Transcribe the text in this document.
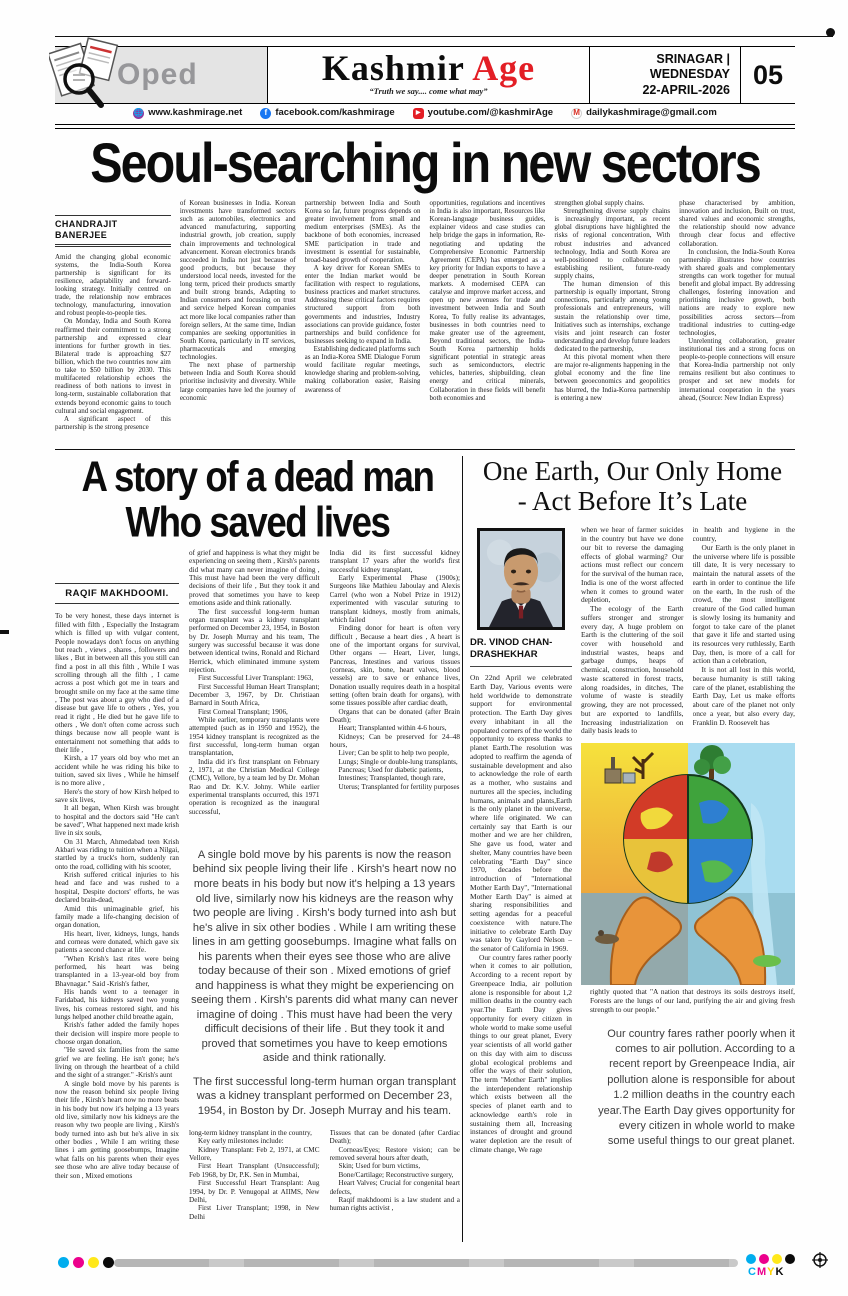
Oped	Kashmir Age
“Truth we say.... come what may”
SRINAGAR | WEDNESDAY
22-APRIL-2026
05
🌐 www.kashmirage.net	f facebook.com/kashmirage	▶ youtube.com/@kashmirAge	M dailykashmirage@gmail.com
Seoul-searching in new sectors
CHANDRAJIT BANERJEE

Amid the changing global economic systems, the India-South Korea partnership is significant for its resilience, adaptability and forward-looking strategy. Initially centred on trade, the relationship now embraces technology, manufacturing, innovation and robust people-to-people ties.

On Monday, India and South Korea reaffirmed their commitment to a strong partnership and expressed clear intentions for further growth in ties. Bilateral trade is approaching $27 billion, which the two countries now aim to take to $50 billion by 2030. This multifaceted relationship echoes the readiness of both nations to invest in long-term, sustainable collaboration that extends beyond economic gains to touch cultural and social engagement.

A significant aspect of this partnership is the strong presence

of Korean businesses in India. Korean investments have transformed sectors such as automobiles, electronics and advanced manufacturing, supporting industrial growth, job creation, supply chain improvements and technological advancement. Korean electronics brands succeeded in India not just because of good products, but because they understood local needs, invested for the long term, priced their products smartly and built strong brands, Adapting to Indian consumers and focusing on trust and service helped Korean companies act more like local companies rather than foreign sellers, At the same time, Indian companies are seeking opportunities in South Korea, particularly in IT services, pharmaceuticals and emerging technologies.

The next phase of partnership between India and South Korea should prioritise inclusivity and diversity. While large companies have led the journey of economic

partnership between India and South Korea so far, future progress depends on greater involvement from small and medium enterprises (SMEs). As the backbone of both economies, increased SME participation in trade and investment is essential for sustainable, broad-based growth of cooperation.

A key driver for Korean SMEs to enter the Indian market would be facilitation with respect to regulations, business practices and market structures. Addressing these critical factors requires structured support from both governments and industries, Industry associations can provide guidance, foster partnerships and build confidence for businesses seeking to expand in India.

Establishing dedicated platforms such as an India-Korea SME Dialogue Forum would facilitate regular meetings, knowledge sharing and problem-solving, making collaboration easier, Raising awareness of

opportunities, regulations and incentives in India is also important, Resources like Korean-language business guides, explainer videos and case studies can help bridge the gaps in information, Re-negotiating and updating the Comprehensive Economic Partnership Agreement (CEPA) has emerged as a key priority for Indian exports to have a deeper penetration in South Korean markets. A modernised CEPA can catalyse and improve market access, and open up new avenues for trade and investment between India and South Korea, To fully realise its advantages, businesses in both countries need to make greater use of the agreement, Beyond traditional sectors, the India-South Korea partnership holds significant potential in strategic areas such as semiconductors, electric vehicles, batteries, shipbuilding, clean energy and critical minerals, Collaboration in these fields will benefit both economies and

strengthen global supply chains.

Strengthening diverse supply chains is increasingly important, as recent global disruptions have highlighted the risks of regional concentration, With robust industries and advanced technology, India and South Korea are well-positioned to collaborate on establishing resilient, future-ready supply chains,

The human dimension of this partnership is equally important, Strong connections, particularly among young professionals and entrepreneurs, will sustain the relationship over time, Initiatives such as internships, exchange visits and joint research can foster understanding and develop future leaders dedicated to the partnership,

At this pivotal moment when there are major re-alignments happening in the global economy and the fine line between geoeconomics and geopolitics has blurred, the India-Korea partnership is entering a new

phase characterised by ambition, innovation and inclusion, Built on trust, shared values and economic strengths, the relationship should now advance through clear focus and effective collaboration.

In conclusion, the India-South Korea partnership illustrates how countries with shared goals and complementary strengths can work together for mutual benefit and global impact. By addressing challenges, fostering innovation and prioritising inclusive growth, both nations are ready to explore new possibilities across sectors—from traditional industries to cutting-edge technologies,

Unrelenting collaboration, greater institutional ties and a strong focus on people-to-people connections will ensure that Korea-India partnership not only remains resilient but also continues to prosper and set new models for international cooperation in the years ahead, (Source: New Indian Express)

A story of a dead man
Who saved lives
RAQIF MAKHDOOMI.

To be very honest, these days internet is filled with filth , Especially the Instagram which is filled up with vulgar content, People nowadays don't focus on anything but reach , views , shares , followers and likes , But in between all this you still can find a post in all this filth , While I was scrolling through all the filth , I came across a post which got me in tears and brought smile on my face at the same time , The post was about a guy who died of a disease but gave life to others , Yes, you read it right , He died but he gave life to others , We don't often come across such things because now all people want is entertainment not something that adds to their life ,

Kirsh, a 17 years old boy who met an accident while he was riding his bike to tuition, saved six lives , While he himself is no more alive ,

Here's the story of how Kirsh helped to save six lives,

It all began, When Kirsh was brought to hospital and the doctors said "He can't be saved", What happened next made krish live in six souls,

On 31 March, Ahmedabad teen Krish Akbari was riding to tuition when a Nilgai, startled by a truck's horn, suddenly ran onto the road, colliding with his scooter,

Krish suffered critical injuries to his head and face and was rushed to a hospital, Despite doctors' efforts, he was declared brain-dead,

Amid this unimaginable grief, his family made a life-changing decision of organ donation,

His heart, liver, kidneys, lungs, hands and corneas were donated, which gave six patients a second chance at life.

"When Krish's last rites were being performed, his heart was being transplanted in a 13-year-old boy from Bhavnagar." Said -Krish's father,

His hands went to a teenager in Faridabad, his kidneys saved two young lives, his corneas restored sight, and his lungs helped another child breathe again,

Krish's father added the family hopes their decision will inspire more people to choose organ donation,

"He saved six families from the same grief we are feeling. He isn't gone; he's living on through the heartbeat of a child and the sight of a stranger." -Krish's aunt

A single bold move by his parents is now the reason behind six people living their life , Kirsh's heart now no more beats in his body but now it's helping a 13 years old live, similarly now his kidneys are the reason why two people are living , Kirsh's body turned into ash but he's alive in six other bodies , While I am writing these lines i am getting goosebumps, Imagine what falls on his parents when their eyes see those who are alive today because of their son , Mixed emotions

of grief and happiness is what they might be experiencing on seeing them , Kirsh's parents did what many can never imagine of doing , This must have had been the very difficult decisions of their life , But they took it and proved that sometimes you have to keep emotions aside and think rationally.

The first successful long-term human organ transplant was a kidney transplant performed on December 23, 1954, in Boston by Dr. Joseph Murray and his team, The surgery was successful because it was done between identical twins, Ronald and Richard Herrick, which eliminated immune system rejection.

First Successful Liver Transplant: 1963,

First Successful Human Heart Transplant; December 3, 1967, by Dr. Christiaan Barnard in South Africa,

First Corneal Transplant; 1906,

While earlier, temporary transplants were attempted (such as in 1950 and 1952), the 1954 kidney transplant is recognized as the first successful, long-term human organ transplantation,

India did it's first transplant on February 2, 1971, at the Christian Medical College (CMC), Vellore, by a team led by Dr. Mohan Rao and Dr. K.V. Johny. While earlier experimental transplants occurred, this 1971 operation is recognized as the inaugural successful,

India did its first successful kidney transplant 17 years after the world's first successful kidney transplant,

Early Experimental Phase (1900s); Surgeons like Mathieu Jaboulay and Alexis Carrel (who won a Nobel Prize in 1912) experimented with vascular suturing to transplant kidneys, mostly from animals, which failed

Finding donor for heart is often very difficult , Because a heart dies , A heart is one of the important organs for survival, Other organs — Heart, Liver, lungs, Pancreas, Intestines and various tissues (corneas, skin, bone, heart valves, blood vessels) are to save or enhance lives, Donation usually requires death in a hospital setting (often brain death for organs), with some tissues possible after cardiac death,

Organs that can be donated (after Brain Death);

Heart; Transplanted within 4-6 hours,

Kidneys; Can be preserved for 24–48 hours,

Liver; Can be split to help two people,

Lungs; Single or double-lung transplants,

Pancreas; Used for diabetic patients,

Intestines; Transplanted, though rare,

Uterus; Transplanted for fertility purposes

A single bold move by his parents is now the reason behind six people living their life . Kirsh's heart now no more beats in his body but now it's helping a 13 years old live, similarly now his kidneys are the reason why two people are living . Kirsh's body turned into ash but he's alive in six other bodies . While I am writing these lines in am getting goosebumps. Imagine what falls on his parents when their eyes see those who are alive today because of their son . Mixed emotions of grief and happiness is what they might be experiencing on seeing them . Kirsh's parents did what many can never imagine of doing . This must have had been the very difficult decisions of their life . But they took it and proved that sometimes you have to keep emotions aside and think rationally.

The first successful long-term human organ transplant was a kidney transplant performed on December 23, 1954, in Boston by Dr. Joseph Murray and his team.

long-term kidney transplant in the country,

Key early milestones include:

Kidney Transplant: Feb 2, 1971, at CMC Vellore,

First Heart Transplant (Unsuccessful); Feb 1968, by Dr, P.K. Sen in Mumbai,

First Successful Heart Transplant: Aug 1994, by Dr. P. Venugopal at AIIMS, New Delhi,

First Liver Transplant; 1998, in New Delhi

Tissues that can be donated (after Cardiac Death);

Corneas/Eyes; Restore vision; can be removed several hours after death,

Skin; Used for burn victims,

Bone/Cartilage; Reconstructive surgery,

Heart Valves; Crucial for congenital heart defects,

Raqif makhdoomi is a law student and a human rights activist ,

One Earth, Our Only Home
- Act Before It’s Late
DR. VINOD CHAN-DRASHEKHAR

On 22nd April we celebrated Earth Day, Various events were held worldwide to demonstrate support for environmental protection. The Earth Day gives every inhabitant in all the populated corners of the world the opportunity to express thanks to planet Earth.The resolution was adopted to reaffirm the agenda of sustainable development and also to acknowledge the role of earth as a mother, who sustains and nurtures all the species, including humans, animals and plants,Earth is the only planet in the universe, where life originated. We can certainly say that Earth is our mother and we are her children, She gave us food, water and shelter, Many countries have been celebrating "Earth Day" since 1970, decades before the introduction of "International Mother Earth Day", "International Mother Earth Day" is aimed at sharing responsibilities and setting agendas for a peaceful coexistence with nature.The initiative to celebrate Earth Day was taken by Gaylord Nelson – the senator of California in 1969.

Our country fares rather poorly when it comes to air pollution, According to a recent report by Greenpeace India, air pollution alone is responsible for about 1,2 million deaths in the country each year.The Earth Day gives opportunity for every citizen in whole world to make some useful things to our great planet, Every year scientists of all world gather on this day with aim to discuss global ecological problems and offer the ways of their solution, The term "Mother Earth" implies the interdependent relationship which exists between all the species of planet earth and to acknowledge earth's role in sustaining them all, Increasing instances of drought and ground water depletion are the result of climate change, We rage

when we hear of farmer suicides in the country but have we done our bit to reverse the damaging effects of global warming? Our actions must reflect our concern for the survival of the human race, India is one of the worst affected when it comes to ground water depletion,

The ecology of the Earth suffers stronger and stronger every day, A huge problem on Earth is the cluttering of the soil cover with household and industrial wastes, heaps and garbage dumps, heaps of chemical, construction, household waste scattered in forest tracts, along roadsides, in ditches, The volume of waste is steadily growing, they are not processed, but are exported to landfills, Increasing industrialization on daily basis leads to

in health and hygiene in the country,

Our Earth is the only planet in the universe where life is possible till date, It is very necessary to maintain the natural assets of the earth in order to continue the life on the earth, In the rush of the crowd, the most intelligent creature of the God called human is slowly losing its humanity and forgot to take care of the planet that gave it life and started using its resources very ruthlessly, Earth Day, then, is more of a call for action than a celebration,

It is not all lost in this world, because humanity is still taking care of the planet, establishing the Earth Day, Let us make efforts about care of the planet not only once a year, but also every day, Franklin D. Roosevelt has

rightly quoted that "A nation that destroys its soils destroys itself, Forests are the lungs of our land, purifying the air and giving fresh strength to our people."

Our country fares rather poorly when it comes to air pollution. According to a recent report by Greenpeace India, air pollution alone is responsible for about 1.2 million deaths in the country each year.The Earth Day gives opportunity for every citizen in whole world to make some useful things to our great planet.
CMYK
